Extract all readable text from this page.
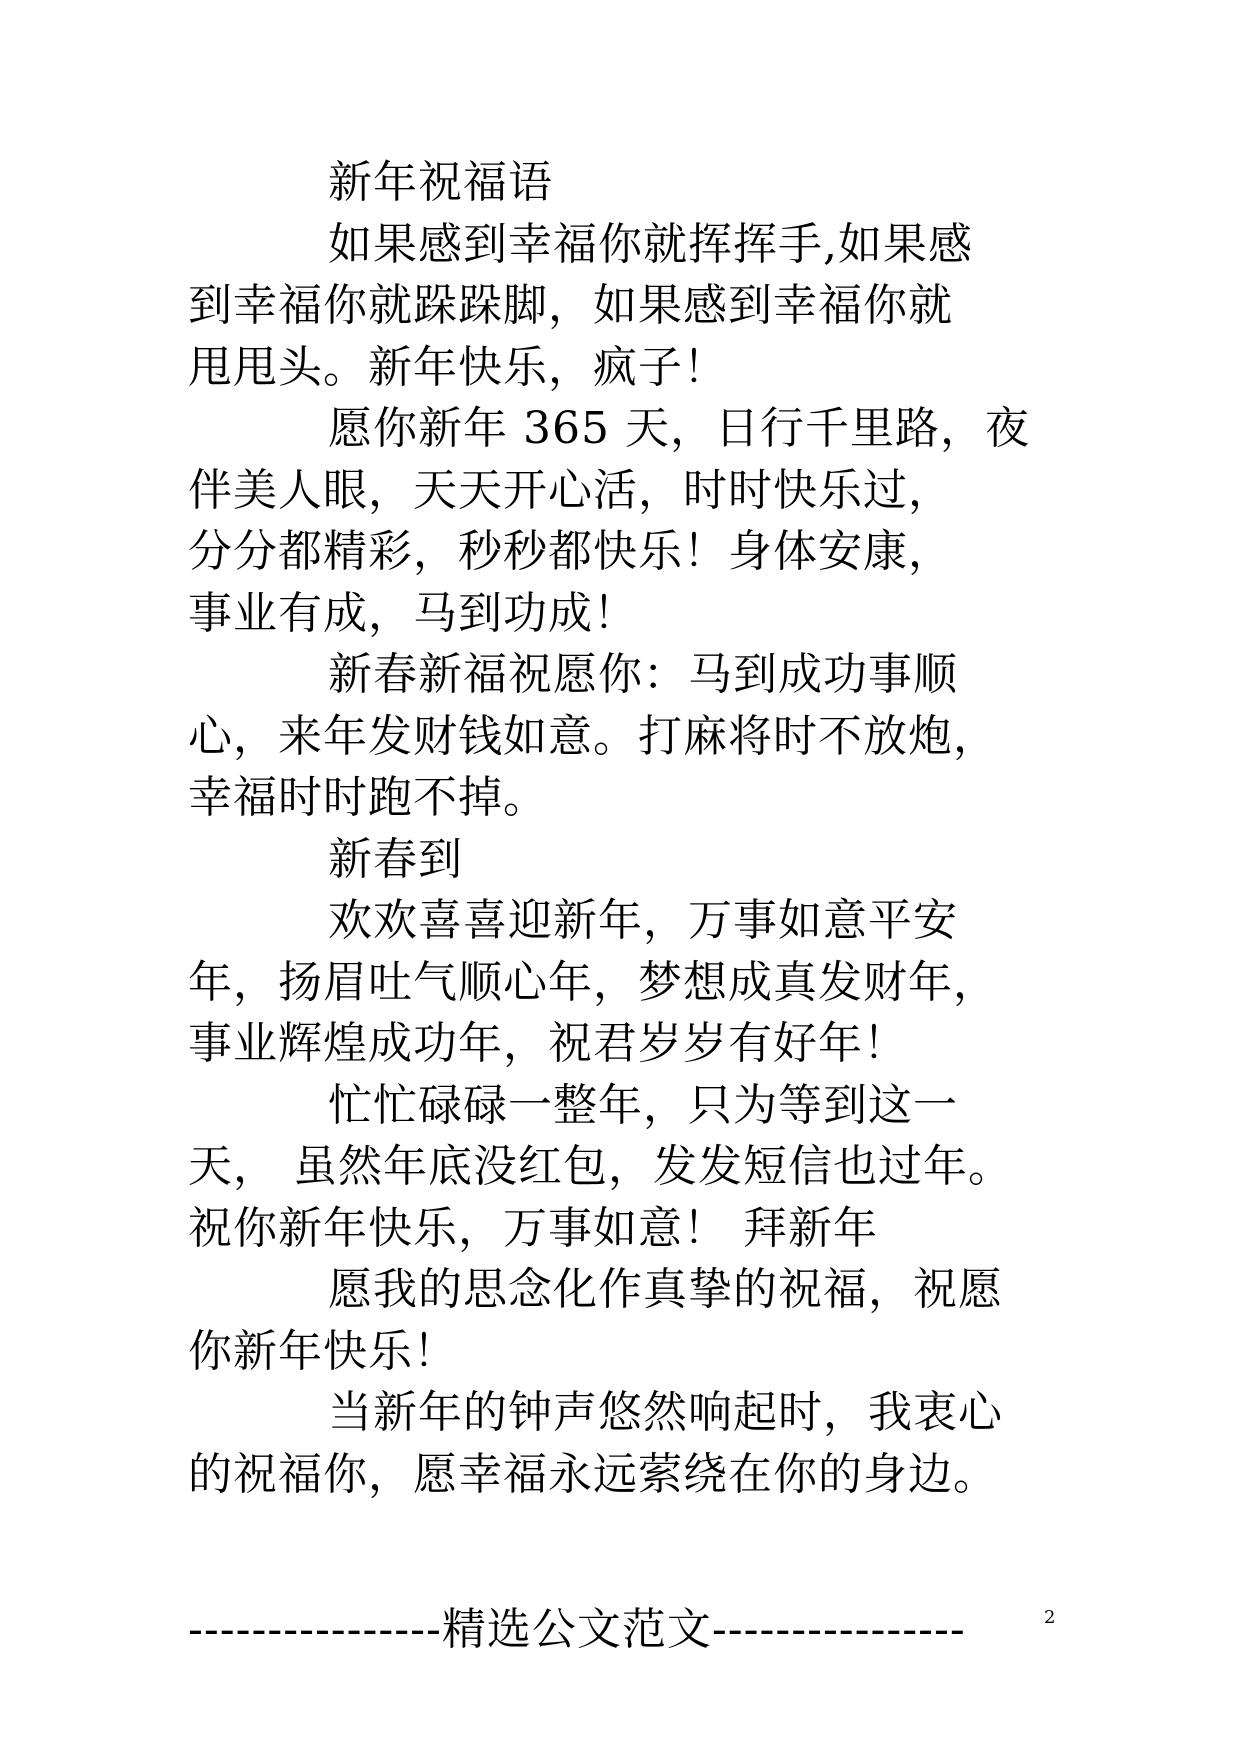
新年祝福语
如果感到幸福你就挥挥手,如果感
到幸福你就跺跺脚，如果感到幸福你就
甩甩头。新年快乐，疯子！
愿你新年 365 天，日行千里路，夜
伴美人眼，天天开心活，时时快乐过，
分分都精彩，秒秒都快乐！身体安康，
事业有成，马到功成！
新春新福祝愿你：马到成功事顺
心，来年发财钱如意。打麻将时不放炮，
幸福时时跑不掉。
新春到
欢欢喜喜迎新年，万事如意平安
年，扬眉吐气顺心年，梦想成真发财年，
事业辉煌成功年，祝君岁岁有好年！
忙忙碌碌一整年，只为等到这一
天， 虽然年底没红包，发发短信也过年。
祝你新年快乐，万事如意！ 拜新年
愿我的思念化作真挚的祝福，祝愿
你新年快乐！
当新年的钟声悠然响起时，我衷心
的祝福你，愿幸福永远萦绕在你的身边。
----------------精选公文范文----------------	2
